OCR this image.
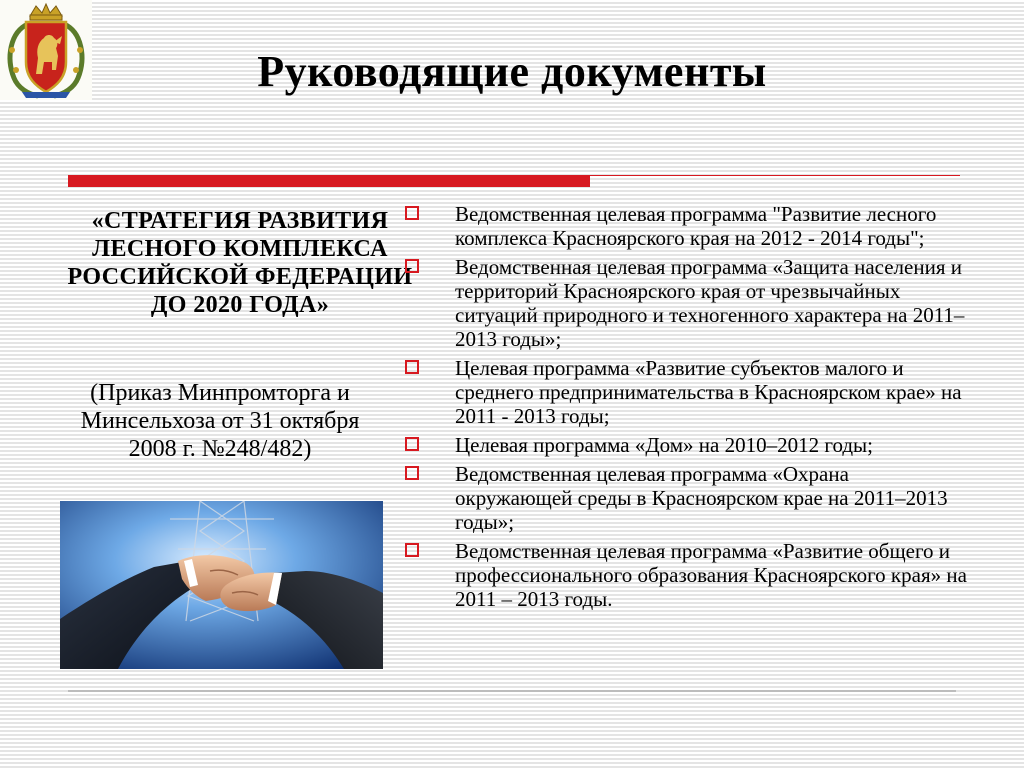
Руководящие документы
«СТРАТЕГИЯ РАЗВИТИЯ ЛЕСНОГО КОМПЛЕКСА РОССИЙСКОЙ ФЕДЕРАЦИИ ДО 2020 ГОДА»
(Приказ Минпромторга и Минсельхоза от 31 октября 2008 г. №248/482)
Ведомственная целевая программа "Развитие лесного комплекса Красноярского края на 2012 - 2014 годы";
Ведомственная целевая программа «Защита населения и территорий Красноярского края от чрезвычайных ситуаций природного и техногенного характера на 2011–2013 годы»;
Целевая программа «Развитие субъектов малого и среднего предпринимательства в Красноярском крае» на 2011 - 2013 годы;
Целевая программа «Дом» на 2010–2012 годы;
Ведомственная целевая программа «Охрана окружающей среды в Красноярском крае на 2011–2013 годы»;
Ведомственная целевая программа «Развитие общего и профессионального образования Красноярского края» на 2011 – 2013 годы.
